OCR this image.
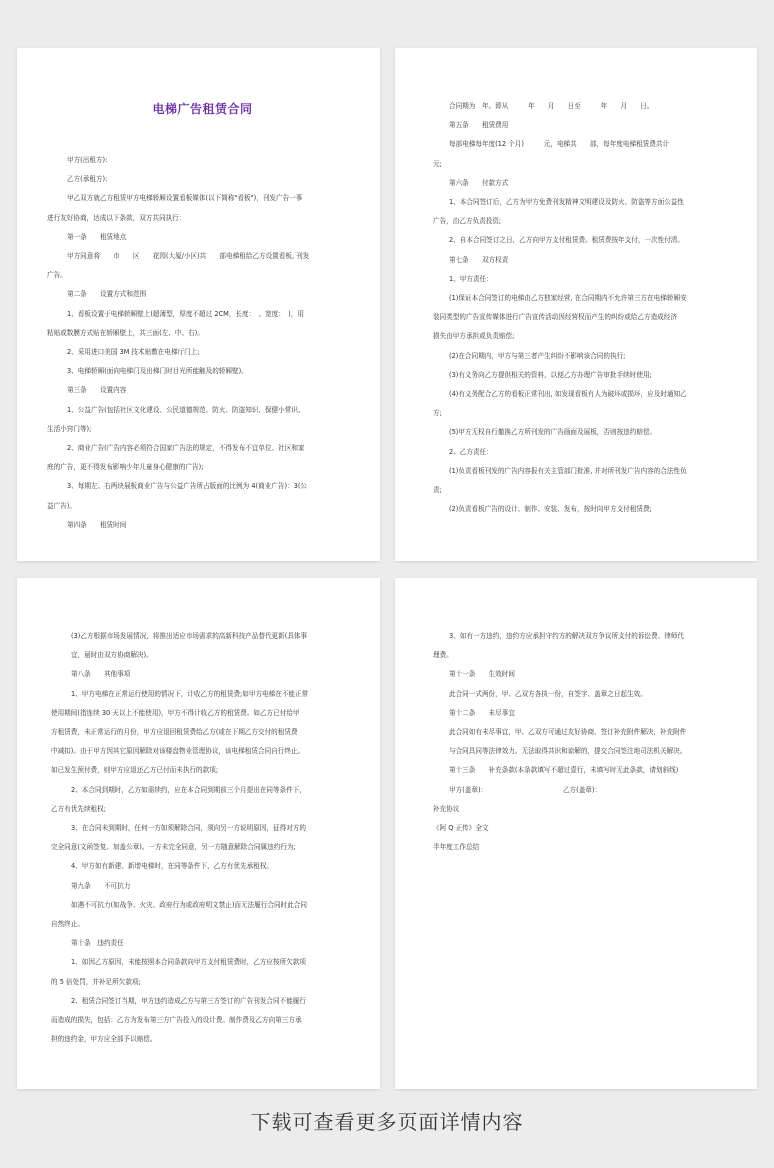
电梯广告租赁合同
甲方(出租方):
乙方(承租方):
甲乙双方就乙方租赁甲方电梯轿厢设置看板媒体(以下简称"看板")，刊发广告一事
进行友好协商，达成以下条款，双方共同执行：
第一条　　租赁地点
甲方同意将　　市　　区　　花园(大厦/小区)共　　部电梯租给乙方设置看板, 刊发
广告。
第二条　　设置方式和范围
1、看板设置于电梯轿厢壁上(超薄型，厚度不超过 2CM，长度：　、宽度：　)，用
粘贴或数膜方式贴在轿厢壁上，共三面(左、中、右)。
2、采用进口美国 3M 技术贴敷在电梯厅门上;
3、电梯轿厢(面向电梯门及出梯门时目光所能触及的轿厢壁)。
第三条　　设置内容
1、公益广告(包括社区文化建设、公民道德规范、防火、防盗知识、保健小常识、
生活小窍门等);
2、商业广告(广告内容必须符合国家广告法的规定，不得发布不宜单位、社区和家
庭的广告，更不得发布影响少年儿童身心健康的广告);
3、每期左、右两块展板商业广告与公益广告所占版面的比例为 4(商业广告)：3(公
益广告)。
第四条　　租赁时间
合同期为　年。即从　　　年　　月　　日至　　　年　　月　　日。
第五条　　租赁费用
每部电梯每年度(12 个月)　　　元，电梯共　　部，每年度电梯租赁费共计
元;
第六条　　付款方式
1、本合同签订后，乙方为甲方免费刊发精神文明建设及防火、防盗等方面公益性
广告，由乙方负责投资;
2、自本合同签订之日，乙方向甲方支付租赁费。租赁费按年支付，一次性付清。
第七条　　双方权责
1、甲方责任：
(1)保证本合同签订的电梯由乙方独家经营, 在合同期内不允许第三方在电梯轿厢安
装同类型的广告宣传媒体进行广告宣传活动因经营权而产生的纠纷或给乙方造成经济
损失由甲方承担或负责赔偿;
(2)在合同期内，甲方与第三者产生纠纷不影响该合同的执行;
(3)有义务向乙方提供相关的资料，以便乙方办理广告审批手续时使用;
(4)有义务配合乙方的看板正常刊出, 如发现看板有人为破坏或损坏，应及时通知乙
方;
(5)甲方无权自行撤换乙方所刊发的广告画面及展板，否则按违约赔偿。
2、乙方责任：
(1)负责看板刊发的广告内容报有关主管部门批准, 并对所刊发广告内容的合法性负
责;
(2)负责看板广告的设计、制作、安装、发布，按时向甲方支付租赁费;
(3)乙方根据市场发展情况，将推出适应市场需求的高新科技产品替代更新(具体事
宜，届时由双方协商解决)。
第八条　　其他事项
1、甲方电梯在正常运行使用的情况下，计收乙方的租赁费;如甲方电梯在不能正常
使用期间(指连续 30 天以上不能使用)，甲方不得计收乙方的租赁费。如乙方已付给甲
方租赁费，未正常运行的月份，甲方应退回租赁费给乙方(或在下期乙方交付的租赁费
中减扣)。由于甲方因其它原因解除对该楼盘物业管理协议，该电梯租赁合同自行终止。
如已发生预付费，则甲方应退还乙方已付而未执行的款项;
2、本合同到期时，乙方如需续约，应在本合同到期前三个月提出在同等条件下，
乙方有优先续租权;
3、在合同未到期时，任何一方如须解除合同，须向另一方说明原因，征得对方的
完全同意(文函签复、加盖公章)。一方未完全同意，另一方随意解除合同属违约行为;
4、甲方如有新建、新增电梯时，在同等条件下，乙方有优先承租权。
第九条　　不可抗力
如遇不可抗力(如战争、火灾、政府行为或政府明文禁止)而无法履行合同时此合同
自然终止。
第十条　违约责任
1、如因乙方原因，未能按照本合同条款向甲方支付租赁费时，乙方应按所欠款项
的 5 倍处罚，并补足所欠款项;
2、租赁合同签订当期，甲方违约造成乙方与第三方签订的广告刊发合同不能履行
而造成的损失，包括：乙方为发布第三方广告投入的设计费。制作费及乙方向第三方承
担的违约金，甲方应全部予以赔偿。
3、如有一方违约，违约方应承担守约方的解决双方争议所支付的诉讼费、律师代
理费。
第十一条　　生效时间
此合同一式两份，甲、乙双方各执一份，自签字、盖章之日起生效。
第十二条　　未尽事宜
此合同如有未尽事宜，甲、乙双方可通过友好协商、签订补充附件解决，补充附件
与合同具同等法律效力。无法取得共识和谅解的，提交合同签注地司法机关解决。
第十三条　　补充条款(本条款填写不超过壹行，未填写时无此条款，请划斜线)
甲方(盖章)：　　　　　　　　　　　　乙方(盖章)：
补充协议
《阿 Q 正传》全文
半年度工作总结
下载可查看更多页面详情内容
